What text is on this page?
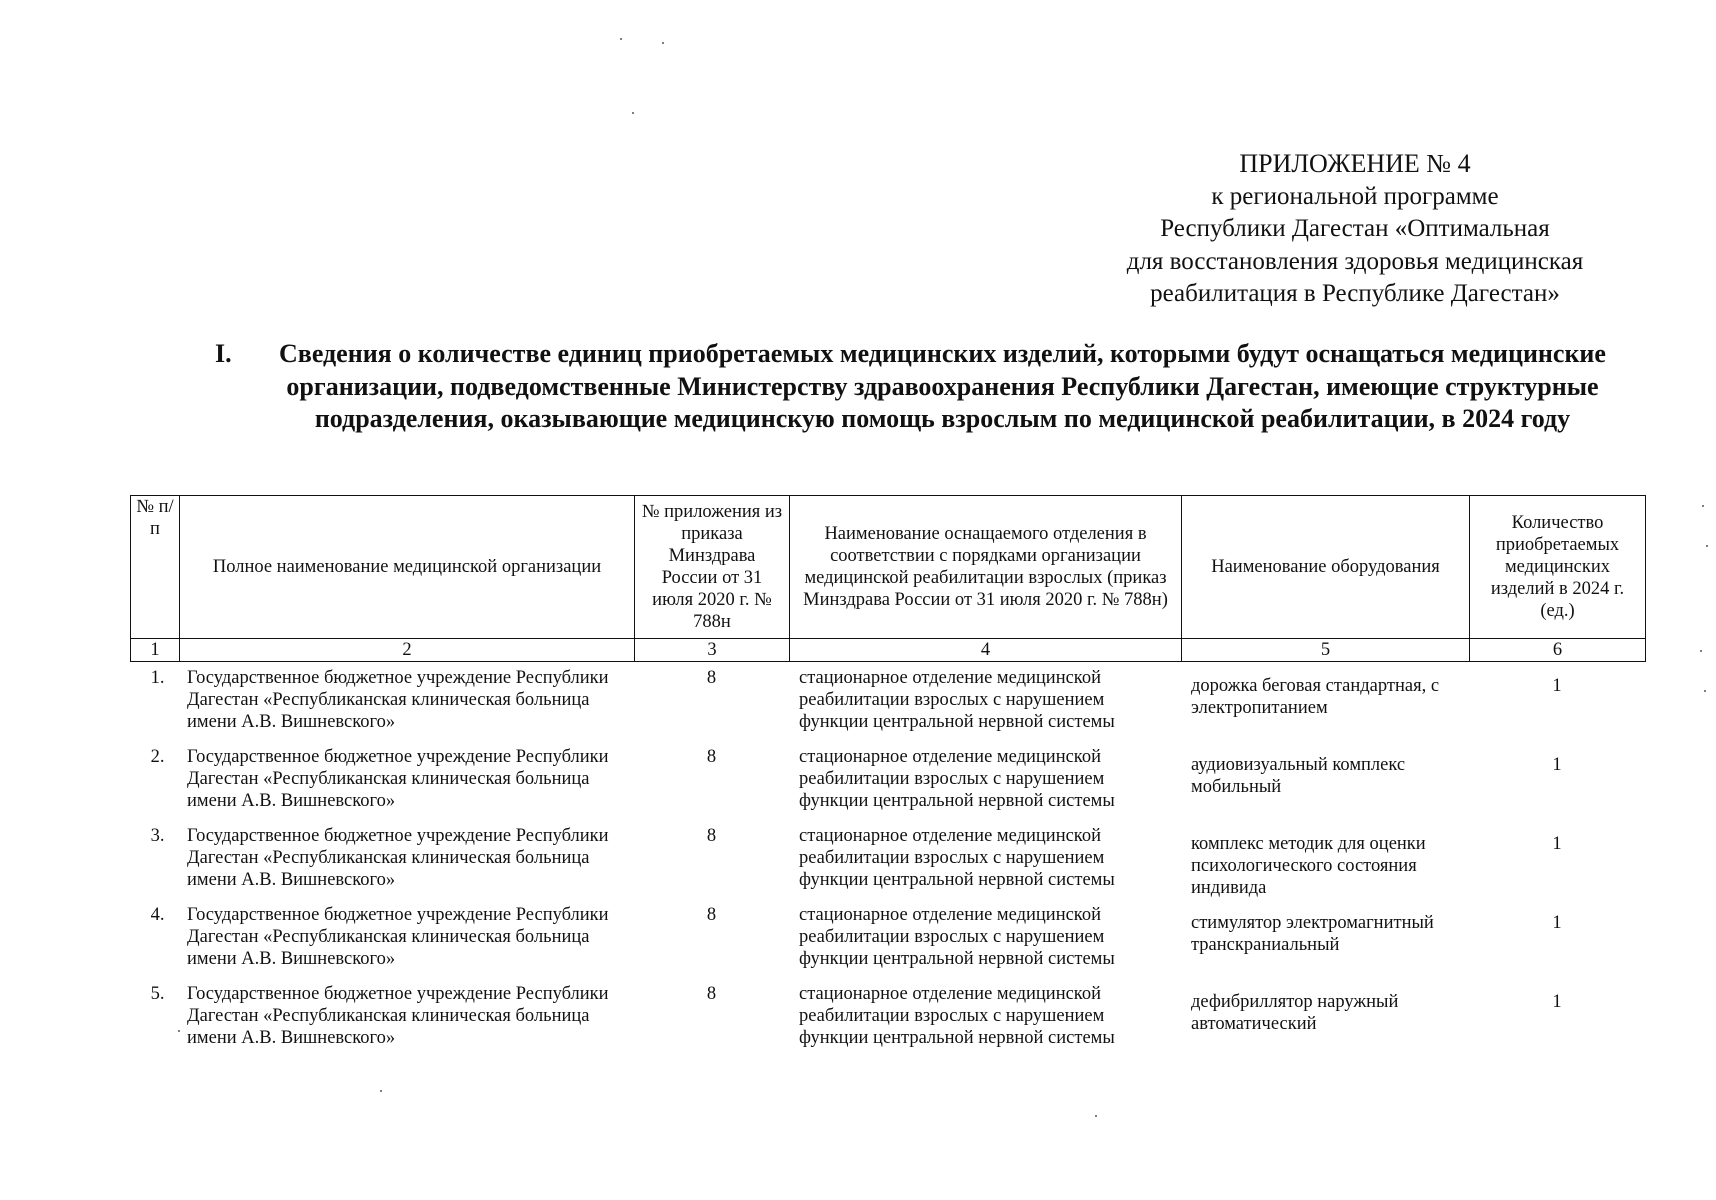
ПРИЛОЖЕНИЕ № 4
к региональной программе
Республики Дагестан «Оптимальная
для восстановления здоровья медицинская
реабилитация в Республике Дагестан»
I.	Сведения о количестве единиц приобретаемых медицинских изделий, которыми будут оснащаться медицинские организации, подведомственные Министерству здравоохранения Республики Дагестан, имеющие структурные подразделения, оказывающие медицинскую помощь взрослым по медицинской реабилитации, в 2024 году
№ п/п	Полное наименование медицинской организации	№ приложения из приказа Минздрава России от 31 июля 2020 г. № 788н	Наименование оснащаемого отделения в соответствии с порядками организации медицинской реабилитации взрослых (приказ Минздрава России от 31 июля 2020 г. № 788н)	Наименование оборудования	Количество приобретаемых медицинских изделий в 2024 г. (ед.)
1	2	3	4	5	6
1.	Государственное бюджетное учреждение Республики Дагестан «Республиканская клиническая больница имени А.В. Вишневского»	8	стационарное отделение медицинской реабилитации взрослых с нарушением функции центральной нервной системы	дорожка беговая стандартная, с электропитанием	1
2.	Государственное бюджетное учреждение Республики Дагестан «Республиканская клиническая больница имени А.В. Вишневского»	8	стационарное отделение медицинской реабилитации взрослых с нарушением функции центральной нервной системы	аудиовизуальный комплекс мобильный	1
3.	Государственное бюджетное учреждение Республики Дагестан «Республиканская клиническая больница имени А.В. Вишневского»	8	стационарное отделение медицинской реабилитации взрослых с нарушением функции центральной нервной системы	комплекс методик для оценки психологического состояния индивида	1
4.	Государственное бюджетное учреждение Республики Дагестан «Республиканская клиническая больница имени А.В. Вишневского»	8	стационарное отделение медицинской реабилитации взрослых с нарушением функции центральной нервной системы	стимулятор электромагнитный транскраниальный	1
5.	Государственное бюджетное учреждение Республики Дагестан «Республиканская клиническая больница имени А.В. Вишневского»	8	стационарное отделение медицинской реабилитации взрослых с нарушением функции центральной нервной системы	дефибриллятор наружный автоматический	1
